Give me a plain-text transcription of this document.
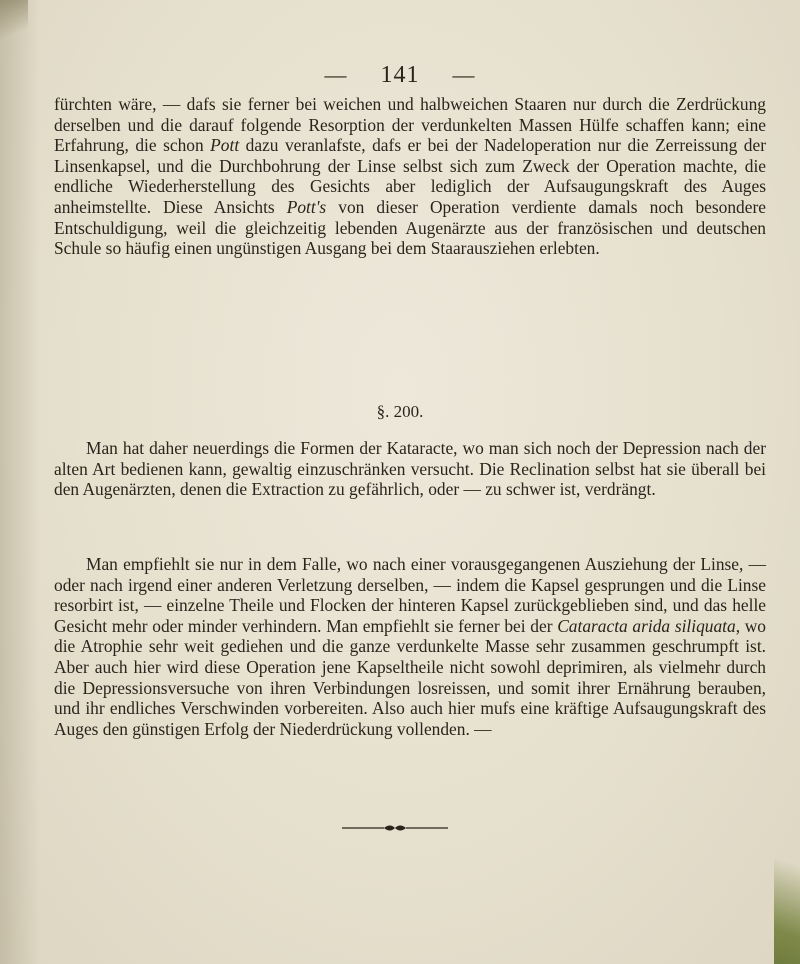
— 141 —

fürchten wäre, — dafs sie ferner bei weichen und halbweichen Staaren nur durch die Zerdrückung derselben und die darauf folgende Resorption der verdunkelten Massen Hülfe schaffen kann; eine Erfahrung, die schon Pott dazu veranlafste, dafs er bei der Nadeloperation nur die Zerreissung der Linsenkapsel, und die Durchbohrung der Linse selbst sich zum Zweck der Operation machte, die endliche Wiederherstellung des Gesichts aber lediglich der Aufsaugungskraft des Auges anheimstellte. Diese Ansichts Pott's von dieser Operation verdiente damals noch besondere Entschuldigung, weil die gleichzeitig lebenden Augenärzte aus der französischen und deutschen Schule so häufig einen ungünstigen Ausgang bei dem Staarausziehen erlebten.

§. 200.

Man hat daher neuerdings die Formen der Kataracte, wo man sich noch der Depression nach der alten Art bedienen kann, gewaltig einzuschränken versucht. Die Reclination selbst hat sie überall bei den Augenärzten, denen die Extraction zu gefährlich, oder — zu schwer ist, verdrängt.

Man empfiehlt sie nur in dem Falle, wo nach einer vorausgegangenen Ausziehung der Linse, — oder nach irgend einer anderen Verletzung derselben, — indem die Kapsel gesprungen und die Linse resorbirt ist, — einzelne Theile und Flocken der hinteren Kapsel zurückgeblieben sind, und das helle Gesicht mehr oder minder verhindern. Man empfiehlt sie ferner bei der Cataracta arida siliquata, wo die Atrophie sehr weit gediehen und die ganze verdunkelte Masse sehr zusammen geschrumpft ist. Aber auch hier wird diese Operation jene Kapseltheile nicht sowohl deprimiren, als vielmehr durch die Depressionsversuche von ihren Verbindungen losreissen, und somit ihrer Ernährung berauben, und ihr endliches Verschwinden vorbereiten. Also auch hier mufs eine kräftige Aufsaugungskraft des Auges den günstigen Erfolg der Niederdrückung vollenden. —
